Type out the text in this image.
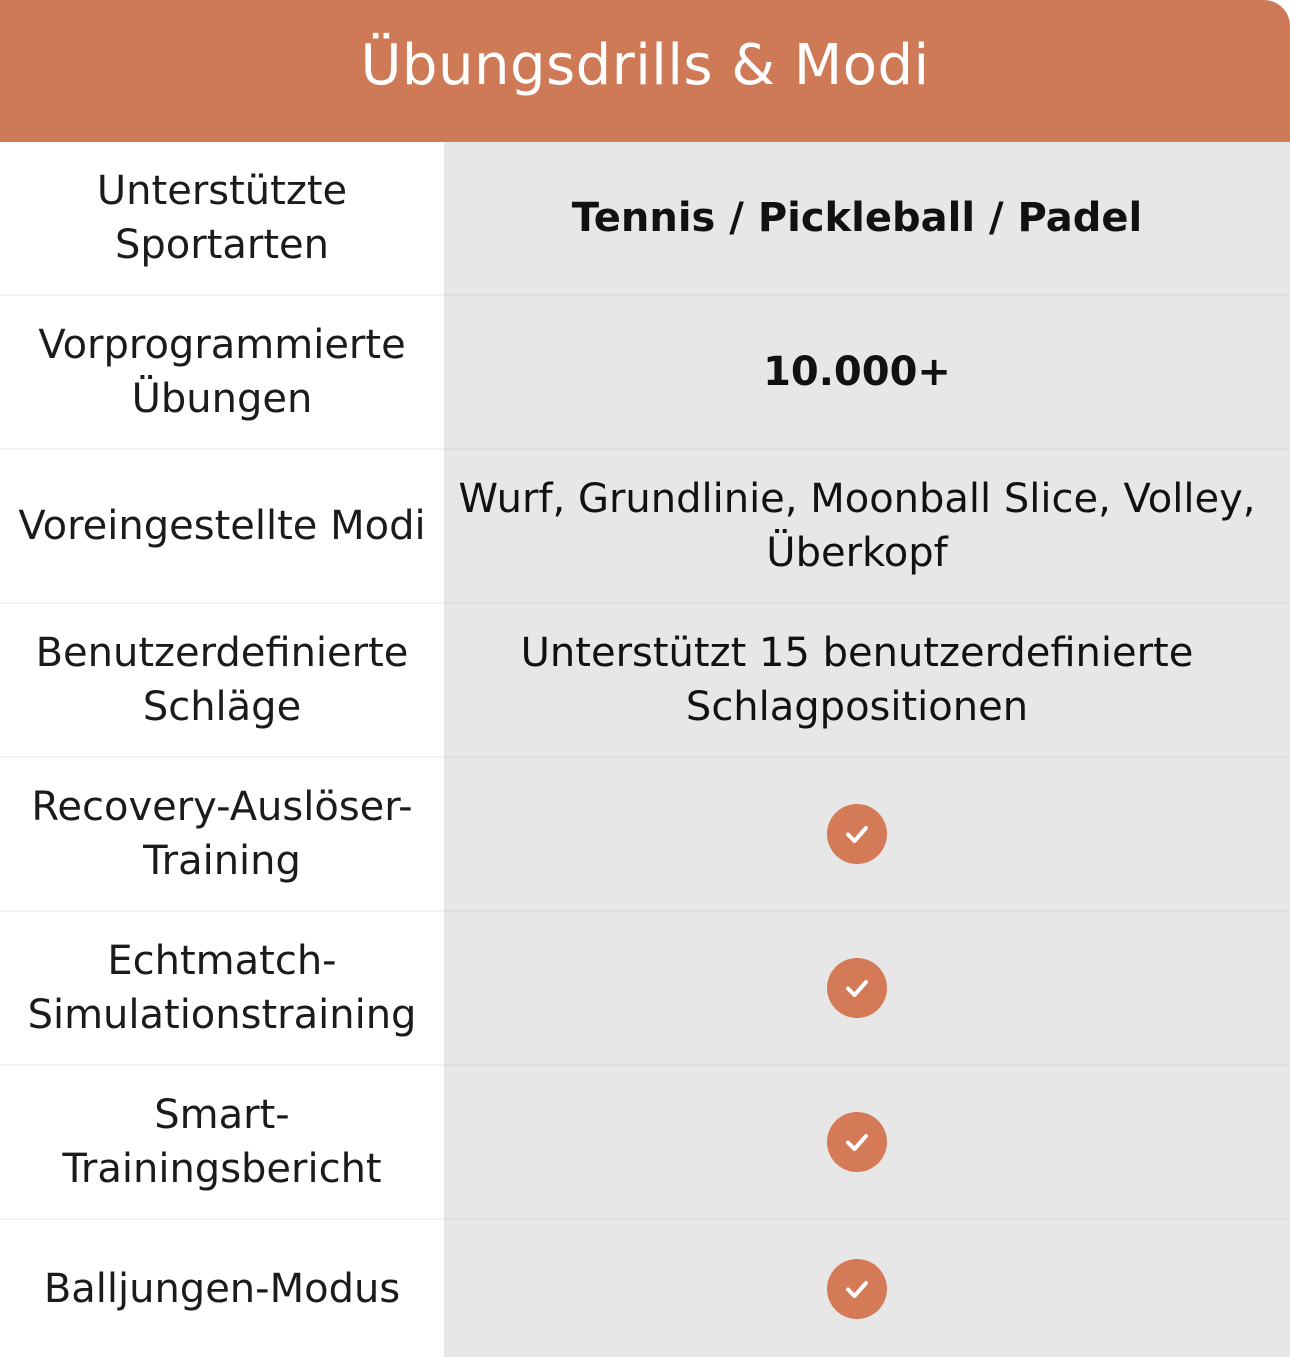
Übungsdrills & Modi
Unterstützte Sportarten
Tennis / Pickleball / Padel
Vorprogrammierte Übungen
10.000+
Voreingestellte Modi
Wurf, Grundlinie, Moonball Slice, Volley, Überkopf
Benutzerdefinierte Schläge
Unterstützt 15 benutzerdefinierte Schlagpositionen
Recovery-Auslöser-Training
Echtmatch-Simulationstraining
Smart-Trainingsbericht
Balljungen-Modus
